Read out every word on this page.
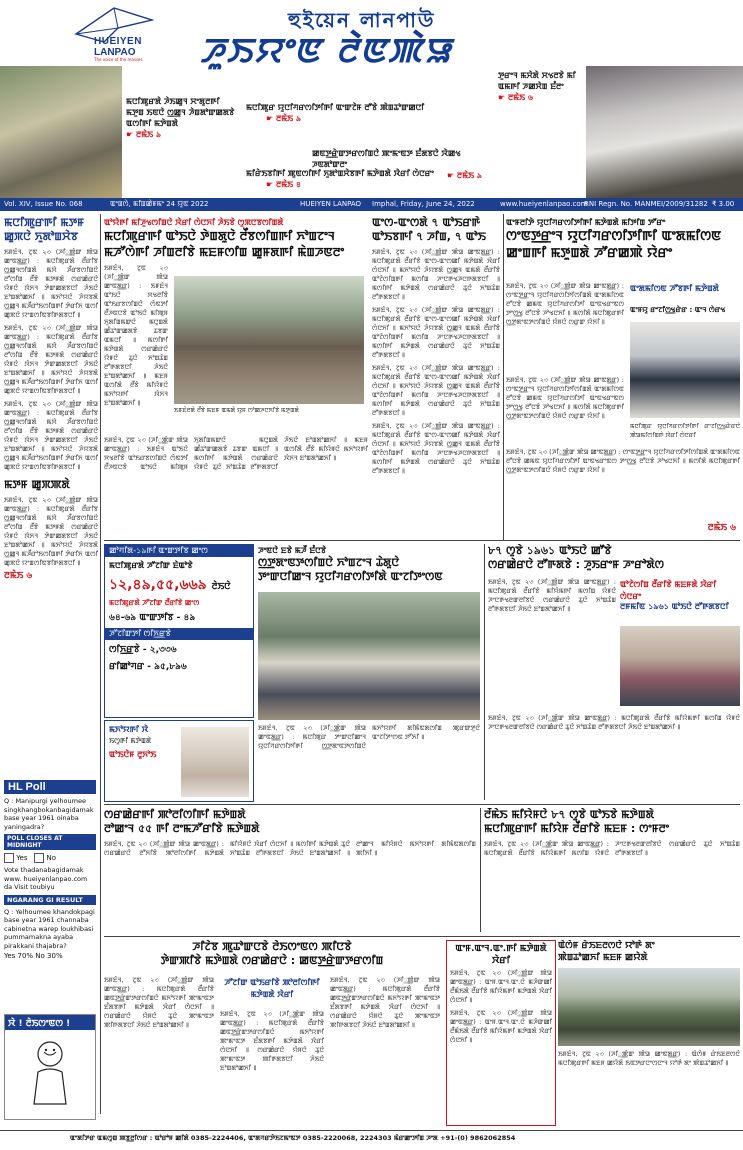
HUEIYEN
LANPAO
The voice of the masses
হুইয়েন লানপাউ
ꯍꯨꯏꯌꯦꯟ ꯂꯥꯟꯄꯥꯎ
ꯃꯅꯤꯄꯨꯔꯗꯥ ꯍꯥꯏꯀꯨꯜ ꯆꯦꯗꯨꯂꯒꯤ ꯃꯇꯨꯡ ꯏꯟꯅꯥ ꯁ꯭ꯀꯨꯜ ꯍꯥꯡꯗꯣꯛꯀꯗꯕꯥ ꯑꯁꯤꯒꯤ ꯃꯇꯥꯡꯗꯥ
☛ ꯂꯃꯥꯏ ৯
ꯃꯅꯤꯄꯨꯔ ꯌꯨꯅꯤꯚꯔꯁꯤꯇꯤꯒꯤ ꯑꯦꯛꯖꯥꯝ ꯂꯧꯕꯥ ꯄꯥꯡꯊꯣꯛꯀꯅꯤ
☛ ꯂꯃꯥꯏ ৯
ꯀꯟꯇ꯭ꯔꯥꯛꯇꯔꯁꯤꯡꯅꯥ ꯄꯦꯃꯦꯟꯇ ꯐꯪꯗꯕꯅꯥ ꯋꯥꯀꯠ ꯍꯟꯗꯣꯛꯂꯦ
☛ ꯂꯃꯥꯏ ৯
ꯃꯤꯔꯥꯏꯕꯤꯒꯤ ꯄꯨꯟꯁꯤꯒꯤ ꯈꯨꯗꯣꯡꯆꯥꯕꯒꯤ ꯃꯇꯥꯡꯗꯥ ꯋꯥꯔꯤ ꯁꯥꯅꯔꯦ
☛ ꯂꯃꯥꯏ ৪
ꯇꯨꯔꯦꯜ ꯃꯆꯥꯗꯥ ꯆꯠꯂꯕꯥ ꯃꯤ ꯑꯃꯒꯤ ꯍꯀꯆꯥꯡ ꯐꯪꯂꯦ
☛ ꯂꯃꯥꯏ ৬
Vol. XIV, Issue No. 068	ꯑꯦꯡꯁꯥ, ꯃꯤꯡꯀꯥꯝꯃꯦ 24 ꯌꯨꯟ 2022	HUEIYEN LANPAO Imphal, Friday, June 24, 2022	www.hueiyenlanpao.com
RNI Regn. No. MANMEI/2009/31282 ₹ 3.00
ꯃꯅꯤꯄꯨꯔꯒꯤ ꯃꯇꯝ ꯀꯨꯞꯅꯥ ꯈꯨꯗꯣꯡꯆꯥꯕ
ꯏꯝꯐꯥꯜ, ꯖꯨꯟ ২৩ (ꯍꯤ꯭ꯄꯥꯛ ꯄꯥꯎ ꯀꯦꯟꯗ꯭ꯔ) : ꯃꯅꯤꯄꯨꯔꯗꯥ ꯂꯩꯔꯤꯕ ꯁ꯭ꯀꯨꯜꯁꯤꯡꯗꯥ ꯃꯆꯥ ꯍꯩꯔꯕꯁꯤꯡꯅꯥ ꯂꯧꯁꯤꯡ ꯂꯩꯕꯥ ꯃꯇꯝꯗꯥ ꯁꯔꯀꯥꯔꯅꯥ ꯌꯥꯝꯅꯥ ꯋꯥꯈꯜ ꯇꯥꯛꯀꯗꯕꯅꯤ ꯍꯥꯏꯅꯥ ꯐꯣꯡꯗꯣꯀꯈꯤ ꯫ ꯃꯈꯣꯌꯅꯥ ꯍꯥꯌꯕꯗꯥ ꯁ꯭ꯀꯨꯜ ꯃꯍꯩꯔꯣꯏꯁꯤꯡꯒꯤ ꯇꯥꯔꯤꯈ ꯑꯁꯤ ꯀꯨꯞꯅꯥ ꯌꯦꯡꯁꯤꯟꯕꯤꯒꯗꯕꯅꯤ ꯫
ꯏꯝꯐꯥꯜ, ꯖꯨꯟ ২৩ (ꯍꯤ꯭ꯄꯥꯛ ꯄꯥꯎ ꯀꯦꯟꯗ꯭ꯔ) : ꯃꯅꯤꯄꯨꯔꯗꯥ ꯂꯩꯔꯤꯕ ꯁ꯭ꯀꯨꯜꯁꯤꯡꯗꯥ ꯃꯆꯥ ꯍꯩꯔꯕꯁꯤꯡꯅꯥ ꯂꯧꯁꯤꯡ ꯂꯩꯕꯥ ꯃꯇꯝꯗꯥ ꯁꯔꯀꯥꯔꯅꯥ ꯌꯥꯝꯅꯥ ꯋꯥꯈꯜ ꯇꯥꯛꯀꯗꯕꯅꯤ ꯍꯥꯏꯅꯥ ꯐꯣꯡꯗꯣꯀꯈꯤ ꯫ ꯃꯈꯣꯌꯅꯥ ꯍꯥꯌꯕꯗꯥ ꯁ꯭ꯀꯨꯜ ꯃꯍꯩꯔꯣꯏꯁꯤꯡꯒꯤ ꯇꯥꯔꯤꯈ ꯑꯁꯤ ꯀꯨꯞꯅꯥ ꯌꯦꯡꯁꯤꯟꯕꯤꯒꯗꯕꯅꯤ ꯫
ꯏꯝꯐꯥꯜ, ꯖꯨꯟ ২৩ (ꯍꯤ꯭ꯄꯥꯛ ꯄꯥꯎ ꯀꯦꯟꯗ꯭ꯔ) : ꯃꯅꯤꯄꯨꯔꯗꯥ ꯂꯩꯔꯤꯕ ꯁ꯭ꯀꯨꯜꯁꯤꯡꯗꯥ ꯃꯆꯥ ꯍꯩꯔꯕꯁꯤꯡꯅꯥ ꯂꯧꯁꯤꯡ ꯂꯩꯕꯥ ꯃꯇꯝꯗꯥ ꯁꯔꯀꯥꯔꯅꯥ ꯌꯥꯝꯅꯥ ꯋꯥꯈꯜ ꯇꯥꯛꯀꯗꯕꯅꯤ ꯍꯥꯏꯅꯥ ꯐꯣꯡꯗꯣꯀꯈꯤ ꯫ ꯃꯈꯣꯌꯅꯥ ꯍꯥꯌꯕꯗꯥ ꯁ꯭ꯀꯨꯜ ꯃꯍꯩꯔꯣꯏꯁꯤꯡꯒꯤ ꯇꯥꯔꯤꯈ ꯑꯁꯤ ꯀꯨꯞꯅꯥ ꯌꯦꯡꯁꯤꯟꯕꯤꯒꯗꯕꯅꯤ ꯫
ꯃꯇꯝ ꯀꯨꯞꯄꯗꯥ
ꯏꯝꯐꯥꯜ, ꯖꯨꯟ ২৩ (ꯍꯤ꯭ꯄꯥꯛ ꯄꯥꯎ ꯀꯦꯟꯗ꯭ꯔ) : ꯃꯅꯤꯄꯨꯔꯗꯥ ꯂꯩꯔꯤꯕ ꯁ꯭ꯀꯨꯜꯁꯤꯡꯗꯥ ꯃꯆꯥ ꯍꯩꯔꯕꯁꯤꯡꯅꯥ ꯂꯧꯁꯤꯡ ꯂꯩꯕꯥ ꯃꯇꯝꯗꯥ ꯁꯔꯀꯥꯔꯅꯥ ꯌꯥꯝꯅꯥ ꯋꯥꯈꯜ ꯇꯥꯛꯀꯗꯕꯅꯤ ꯍꯥꯏꯅꯥ ꯐꯣꯡꯗꯣꯀꯈꯤ ꯫ ꯃꯈꯣꯌꯅꯥ ꯍꯥꯌꯕꯗꯥ ꯁ꯭ꯀꯨꯜ ꯃꯍꯩꯔꯣꯏꯁꯤꯡꯒꯤ ꯇꯥꯔꯤꯈ ꯑꯁꯤ ꯀꯨꯞꯅꯥ ꯌꯦꯡꯁꯤꯟꯕꯤꯒꯗꯕꯅꯤ ꯫
ꯂꯃꯥꯏ ৬
ꯑꯣꯌꯥꯒꯤ ꯃꯤꯍꯨꯠꯁꯤꯡꯅꯥ ꯋꯥꯔꯤ ꯁꯥꯅꯈꯤ ꯍꯥꯏꯕꯥ ꯁꯨꯞꯅꯕꯁꯤꯡꯗꯥ
ꯃꯅꯤꯄꯨꯔꯒꯤ ꯑꯣꯏꯅꯥ ꯇꯥꯡꯗꯨꯅꯥ ꯂꯩꯕꯁꯤꯡꯒꯤ ꯈꯣꯡꯖꯦꯜ
ꯃꯍꯧꯁꯥꯒꯤ ꯍꯤꯡꯂꯤꯕꯥ ꯃꯐꯝꯁꯤꯡ ꯀꯨꯝꯗꯒꯤ ꯃꯥꯡꯍꯟꯂꯦ
ꯏꯝꯐꯥꯜ, ꯖꯨꯟ ২৩ (ꯍꯤ꯭ꯄꯥꯛ ꯄꯥꯎ ꯀꯦꯟꯗ꯭ꯔ) : ꯏꯝꯐꯥꯜ ꯑꯣꯏꯅꯥ ꯆꯠꯂꯤꯕꯥ ꯑꯣꯏꯔꯕꯁꯤꯡꯅꯥ ꯁꯥꯟꯇꯤ ꯂꯩꯍꯟꯅꯕꯥ ꯑꯣꯏꯅꯥ ꯃꯤꯄꯨꯝ ꯈꯨꯗꯤꯡꯃꯛꯅꯥ ꯃꯅꯨꯡꯗꯥ ꯀꯪꯊꯣꯛꯀꯗꯕꯥ ꯊꯕꯛ ꯑꯃꯅꯤ ꯫ ꯃꯁꯤꯒꯤ ꯃꯇꯥꯡꯗꯥ ꯁꯔꯀꯥꯔꯅꯥ ꯌꯥꯝꯅꯥ ꯊꯨꯅꯥ ꯈꯣꯡꯊꯥꯡ ꯂꯧꯒꯗꯕꯅꯤ ꯍꯥꯏꯅꯥ ꯐꯣꯡꯗꯣꯀꯈꯤ ꯫ ꯃꯐꯝ ꯑꯁꯤꯗꯥ ꯂꯩꯕꯥ ꯃꯤꯌꯥꯝꯅꯥ ꯃꯈꯣꯌꯒꯤ ꯋꯥꯈꯜ ꯐꯣꯡꯗꯣꯀꯈꯤ ꯫
ꯏꯝꯐꯥꯂꯗꯥ ꯂꯩꯕꯥ ꯃꯐꯝ ꯑꯃꯗꯥ ꯌꯨꯝ ꯁꯣꯀꯍꯅꯈꯤꯕꯥ ꯃꯇꯨꯡꯗꯥ
ꯏꯝꯐꯥꯜ, ꯖꯨꯟ ২৩ (ꯍꯤ꯭ꯄꯥꯛ ꯄꯥꯎ ꯀꯦꯟꯗ꯭ꯔ) : ꯏꯝꯐꯥꯜ ꯑꯣꯏꯅꯥ ꯆꯠꯂꯤꯕꯥ ꯑꯣꯏꯔꯕꯁꯤꯡꯅꯥ ꯁꯥꯟꯇꯤ ꯂꯩꯍꯟꯅꯕꯥ ꯑꯣꯏꯅꯥ ꯃꯤꯄꯨꯝ ꯈꯨꯗꯤꯡꯃꯛꯅꯥ ꯃꯅꯨꯡꯗꯥ ꯀꯪꯊꯣꯛꯀꯗꯕꯥ ꯊꯕꯛ ꯑꯃꯅꯤ ꯫ ꯃꯁꯤꯒꯤ ꯃꯇꯥꯡꯗꯥ ꯁꯔꯀꯥꯔꯅꯥ ꯌꯥꯝꯅꯥ ꯊꯨꯅꯥ ꯈꯣꯡꯊꯥꯡ ꯂꯧꯒꯗꯕꯅꯤ ꯍꯥꯏꯅꯥ ꯐꯣꯡꯗꯣꯀꯈꯤ ꯫ ꯃꯐꯝ ꯑꯁꯤꯗꯥ ꯂꯩꯕꯥ ꯃꯤꯌꯥꯝꯅꯥ ꯃꯈꯣꯌꯒꯤ ꯋꯥꯈꯜ ꯐꯣꯡꯗꯣꯀꯈꯤ ꯫
ꯑꯦꯁ-ꯑꯦꯁꯗꯥ ৭ ꯑꯣꯏꯔꯒꯥ ꯑꯣꯏꯕꯒꯤ ৭ ꯍꯤꯡ, ৭ ꯑꯣꯏ
ꯏꯝꯐꯥꯜ, ꯖꯨꯟ ২৩ (ꯍꯤ꯭ꯄꯥꯛ ꯄꯥꯎ ꯀꯦꯟꯗ꯭ꯔ) : ꯃꯅꯤꯄꯨꯔꯗꯥ ꯂꯩꯔꯤꯕꯥ ꯑꯦꯁ-ꯑꯦꯁꯀꯤ ꯃꯇꯥꯡꯗꯥ ꯋꯥꯔꯤ ꯁꯥꯅꯈꯤ ꯫ ꯃꯈꯣꯌꯅꯥ ꯍꯥꯌꯕꯗꯥ ꯁ꯭ꯀꯨꯜ ꯑꯃꯗꯥ ꯂꯩꯔꯤꯕꯥ ꯑꯣꯖꯥꯁꯤꯡꯒꯤ ꯃꯁꯤꯡ ꯍꯦꯅꯒꯠꯍꯅꯒꯗꯕꯅꯤ ꯫ ꯃꯁꯤꯒꯤ ꯃꯇꯥꯡꯗꯥ ꯁꯔꯀꯥꯔꯅꯥ ꯊꯨꯅꯥ ꯈꯣꯡꯊꯥꯡ ꯂꯧꯒꯗꯕꯅꯤ ꯫
ꯏꯝꯐꯥꯜ, ꯖꯨꯟ ২৩ (ꯍꯤ꯭ꯄꯥꯛ ꯄꯥꯎ ꯀꯦꯟꯗ꯭ꯔ) : ꯃꯅꯤꯄꯨꯔꯗꯥ ꯂꯩꯔꯤꯕꯥ ꯑꯦꯁ-ꯑꯦꯁꯀꯤ ꯃꯇꯥꯡꯗꯥ ꯋꯥꯔꯤ ꯁꯥꯅꯈꯤ ꯫ ꯃꯈꯣꯌꯅꯥ ꯍꯥꯌꯕꯗꯥ ꯁ꯭ꯀꯨꯜ ꯑꯃꯗꯥ ꯂꯩꯔꯤꯕꯥ ꯑꯣꯖꯥꯁꯤꯡꯒꯤ ꯃꯁꯤꯡ ꯍꯦꯅꯒꯠꯍꯅꯒꯗꯕꯅꯤ ꯫ ꯃꯁꯤꯒꯤ ꯃꯇꯥꯡꯗꯥ ꯁꯔꯀꯥꯔꯅꯥ ꯊꯨꯅꯥ ꯈꯣꯡꯊꯥꯡ ꯂꯧꯒꯗꯕꯅꯤ ꯫
ꯏꯝꯐꯥꯜ, ꯖꯨꯟ ২৩ (ꯍꯤ꯭ꯄꯥꯛ ꯄꯥꯎ ꯀꯦꯟꯗ꯭ꯔ) : ꯃꯅꯤꯄꯨꯔꯗꯥ ꯂꯩꯔꯤꯕꯥ ꯑꯦꯁ-ꯑꯦꯁꯀꯤ ꯃꯇꯥꯡꯗꯥ ꯋꯥꯔꯤ ꯁꯥꯅꯈꯤ ꯫ ꯃꯈꯣꯌꯅꯥ ꯍꯥꯌꯕꯗꯥ ꯁ꯭ꯀꯨꯜ ꯑꯃꯗꯥ ꯂꯩꯔꯤꯕꯥ ꯑꯣꯖꯥꯁꯤꯡꯒꯤ ꯃꯁꯤꯡ ꯍꯦꯅꯒꯠꯍꯅꯒꯗꯕꯅꯤ ꯫ ꯃꯁꯤꯒꯤ ꯃꯇꯥꯡꯗꯥ ꯁꯔꯀꯥꯔꯅꯥ ꯊꯨꯅꯥ ꯈꯣꯡꯊꯥꯡ ꯂꯧꯒꯗꯕꯅꯤ ꯫
ꯏꯝꯐꯥꯜ, ꯖꯨꯟ ২৩ (ꯍꯤ꯭ꯄꯥꯛ ꯄꯥꯎ ꯀꯦꯟꯗ꯭ꯔ) : ꯃꯅꯤꯄꯨꯔꯗꯥ ꯂꯩꯔꯤꯕꯥ ꯑꯦꯁ-ꯑꯦꯁꯀꯤ ꯃꯇꯥꯡꯗꯥ ꯋꯥꯔꯤ ꯁꯥꯅꯈꯤ ꯫ ꯃꯈꯣꯌꯅꯥ ꯍꯥꯌꯕꯗꯥ ꯁ꯭ꯀꯨꯜ ꯑꯃꯗꯥ ꯂꯩꯔꯤꯕꯥ ꯑꯣꯖꯥꯁꯤꯡꯒꯤ ꯃꯁꯤꯡ ꯍꯦꯅꯒꯠꯍꯅꯒꯗꯕꯅꯤ ꯫ ꯃꯁꯤꯒꯤ ꯃꯇꯥꯡꯗꯥ ꯁꯔꯀꯥꯔꯅꯥ ꯊꯨꯅꯥ ꯈꯣꯡꯊꯥꯡ ꯂꯧꯒꯗꯕꯅꯤ ꯫
ꯑꯦꯝꯂꯤꯇꯥ ꯌꯨꯅꯤꯚꯔꯁꯤꯇꯤꯒꯤ ꯃꯇꯥꯡꯗꯥ ꯃꯤꯇꯤꯡ ꯇꯧꯔꯦ
ꯁꯦꯟꯇ꯭ꯔꯦꯜ ꯌꯨꯅꯤꯚꯔꯁꯤꯇꯤꯒꯤ ꯑꯦꯗꯃꯤꯁꯟ
ꯀꯦꯡꯒꯤ ꯃꯇꯨꯡꯗꯥ ꯍꯧꯔꯀꯄꯥ ꯌꯥꯔꯦ
ꯏꯝꯐꯥꯜ, ꯖꯨꯟ ২৩ (ꯍꯤ꯭ꯄꯥꯛ ꯄꯥꯎ ꯀꯦꯟꯗ꯭ꯔ) : ꯁꯦꯟꯇ꯭ꯔꯦꯜ ꯌꯨꯅꯤꯚꯔꯁꯤꯇꯤꯁꯤꯡꯗꯥ ꯑꯦꯗꯃꯤꯁꯟ ꯂꯧꯅꯕꯥ ꯀꯃꯟ ꯌꯨꯅꯤꯚꯔꯁꯤꯇꯤ ꯑꯦꯟꯠꯔꯦꯟꯁ ꯇꯦꯁ꯭ꯠ ꯂꯧꯅꯕꯥ ꯍꯣꯠꯅꯈꯤ ꯫ ꯃꯁꯤꯗꯥ ꯃꯅꯤꯄꯨꯔꯒꯤ ꯁ꯭ꯇꯨꯗꯦꯟꯇꯁꯤꯡꯅꯥ ꯌꯥꯝꯅꯥ ꯁꯔꯨꯛ ꯌꯥꯈꯤ ꯫
ꯑꯦꯗꯃꯤꯁꯟ ꯍꯧꯕꯒꯤ ꯃꯇꯥꯡꯗꯥ
ꯑꯦꯝꯌꯨ ꯔꯦꯖꯤꯁ꯭ꯠꯔꯥꯔ : ꯑꯦꯜ ꯁꯥꯔꯠ
ꯏꯝꯐꯥꯜ, ꯖꯨꯟ ২৩ (ꯍꯤ꯭ꯄꯥꯛ ꯄꯥꯎ ꯀꯦꯟꯗ꯭ꯔ) : ꯁꯦꯟꯇ꯭ꯔꯦꯜ ꯌꯨꯅꯤꯚꯔꯁꯤꯇꯤꯁꯤꯡꯗꯥ ꯑꯦꯗꯃꯤꯁꯟ ꯂꯧꯅꯕꯥ ꯀꯃꯟ ꯌꯨꯅꯤꯚꯔꯁꯤꯇꯤ ꯑꯦꯟꯠꯔꯦꯟꯁ ꯇꯦꯁ꯭ꯠ ꯂꯧꯅꯕꯥ ꯍꯣꯠꯅꯈꯤ ꯫ ꯃꯁꯤꯗꯥ ꯃꯅꯤꯄꯨꯔꯒꯤ ꯁ꯭ꯇꯨꯗꯦꯟꯇꯁꯤꯡꯅꯥ ꯌꯥꯝꯅꯥ ꯁꯔꯨꯛ ꯌꯥꯈꯤ ꯫
ꯃꯅꯤꯄꯨꯔ ꯌꯨꯅꯤꯚꯔꯁꯤꯇꯤꯒꯤ ꯔꯦꯖꯤꯁ꯭ꯠꯔꯥꯔꯅꯥ ꯄꯥꯎꯃꯤꯁꯤꯡꯒꯥ ꯋꯥꯔꯤ ꯁꯥꯅꯔꯤ
ꯏꯝꯐꯥꯜ, ꯖꯨꯟ ২৩ (ꯍꯤ꯭ꯄꯥꯛ ꯄꯥꯎ ꯀꯦꯟꯗ꯭ꯔ) : ꯁꯦꯟꯇ꯭ꯔꯦꯜ ꯌꯨꯅꯤꯚꯔꯁꯤꯇꯤꯁꯤꯡꯗꯥ ꯑꯦꯗꯃꯤꯁꯟ ꯂꯧꯅꯕꯥ ꯀꯃꯟ ꯌꯨꯅꯤꯚꯔꯁꯤꯇꯤ ꯑꯦꯟꯠꯔꯦꯟꯁ ꯇꯦꯁ꯭ꯠ ꯂꯧꯅꯕꯥ ꯍꯣꯠꯅꯈꯤ ꯫ ꯃꯁꯤꯗꯥ ꯃꯅꯤꯄꯨꯔꯒꯤ ꯁ꯭ꯇꯨꯗꯦꯟꯇꯁꯤꯡꯅꯥ ꯌꯥꯝꯅꯥ ꯁꯔꯨꯛ ꯌꯥꯈꯤ ꯫
ꯂꯃꯥꯏ ৬
ꯀꯣꯚꯤꯗ-১৯ꯒꯤ ꯑꯦꯛꯇꯤꯕ ꯀꯦꯁ
ꯃꯅꯤꯄꯨꯔꯗꯥ ꯍꯧꯖꯤꯛ ꯐꯥꯑꯣꯕꯥ
১২,৪৯,৫৫,৬৬৯ ꯂꯥꯏꯅꯥ
ꯃꯅꯤꯄꯨꯔꯗꯥ ꯍꯧꯖꯤꯛ ꯂꯩꯔꯤꯕꯥ ꯀꯦꯁ
৬৪-৬৯ ꯑꯦꯛꯇꯤꯕ - ৪৯
ꯍꯧꯖꯤꯛꯇꯤ ꯁꯤꯈ꯭ꯔꯕꯥ
ꯁꯤꯈ꯭ꯔꯕꯥ - ২,৩৩৬
ꯔꯤꯀꯣꯚꯔ - ৯৫,৮৯৬
ꯃꯈꯣꯌꯒꯤ ꯋꯥ
ꯏꯁꯨꯒꯤ ꯃꯇꯥꯡꯗꯥ
ꯑꯣꯏꯅꯥꯝ ꯂꯨꯈꯣꯏ
ꯍꯦꯟꯅꯥ ꯐꯕꯥ ꯃꯍꯩ ꯐꯪꯅꯕꯥ
ꯁ꯭ꯇꯨꯗꯦꯟꯇꯁꯤꯡꯅꯥ ꯈꯣꯡꯖꯦꯜ ꯊꯥꯗꯨꯅꯥ
ꯇꯦꯛꯅꯤꯀꯦꯜ ꯌꯨꯅꯤꯚꯔꯁꯤꯇꯤꯗꯥ ꯑꯦꯖꯤꯇꯦꯁꯟ
ꯏꯝꯐꯥꯜ, ꯖꯨꯟ ২৩ (ꯍꯤ꯭ꯄꯥꯛ ꯄꯥꯎ ꯀꯦꯟꯗ꯭ꯔ) : ꯃꯅꯤꯄꯨꯔ ꯇꯦꯛꯅꯤꯀꯦꯜ ꯌꯨꯅꯤꯚꯔꯁꯤꯇꯤꯒꯤ ꯁ꯭ꯇꯨꯗꯦꯟꯇꯁꯤꯡꯅꯥ ꯃꯈꯣꯌꯒꯤ ꯗꯤꯃꯥꯟꯗꯁꯤꯡ ꯄꯨꯔꯛꯇꯨꯅꯥ ꯑꯦꯖꯤꯇꯦꯁꯟ ꯇꯧꯈꯤ ꯫
৮৭ ꯁꯨꯕꯥ ১৯৬১ ꯑꯣꯏꯅꯥ ꯀꯧꯕꯥ
ꯁꯔꯀꯥꯔꯅꯥ ꯂꯧꯒꯗꯕꯥ : ꯍꯨꯏꯔꯦꯝ ꯍꯦꯔꯣꯗꯥꯁ
ꯏꯝꯐꯥꯜ, ꯖꯨꯟ ২৩ (ꯍꯤ꯭ꯄꯥꯛ ꯄꯥꯎ ꯀꯦꯟꯗ꯭ꯔ) : ꯃꯅꯤꯄꯨꯔꯗꯥ ꯂꯩꯔꯤꯕꯥ ꯃꯤꯌꯥꯃꯒꯤ ꯃꯁꯤꯡ ꯌꯥꯝꯅꯥ ꯍꯦꯅꯒꯠꯂꯛꯂꯤꯕꯅꯥ ꯁꯔꯀꯥꯔꯅꯥ ꯊꯨꯅꯥ ꯈꯣꯡꯊꯥꯡ ꯂꯧꯒꯗꯕꯅꯤ ꯍꯥꯏꯅꯥ ꯐꯣꯡꯗꯣꯀꯈꯤ ꯫
ꯑꯣꯖꯥꯁꯤꯡ ꯂꯩꯔꯤꯕꯥ ꯃꯐꯝꯗꯥ ꯋꯥꯔꯤ ꯁꯥꯅꯔꯦ
ꯂꯝꯃꯤꯟ ১৯৬১ ꯑꯣꯏꯅꯥ ꯂꯧꯒꯗꯕꯅꯤ
ꯏꯝꯐꯥꯜ, ꯖꯨꯟ ২৩ (ꯍꯤ꯭ꯄꯥꯛ ꯄꯥꯎ ꯀꯦꯟꯗ꯭ꯔ) : ꯃꯅꯤꯄꯨꯔꯗꯥ ꯂꯩꯔꯤꯕꯥ ꯃꯤꯌꯥꯃꯒꯤ ꯃꯁꯤꯡ ꯌꯥꯝꯅꯥ ꯍꯦꯅꯒꯠꯂꯛꯂꯤꯕꯅꯥ ꯁꯔꯀꯥꯔꯅꯥ ꯊꯨꯅꯥ ꯈꯣꯡꯊꯥꯡ ꯂꯧꯒꯗꯕꯅꯤ ꯍꯥꯏꯅꯥ ꯐꯣꯡꯗꯣꯀꯈꯤ ꯫
ꯁꯔꯀꯥꯔꯒꯤ ꯄꯣꯂꯤꯁꯤꯒꯤ ꯃꯇꯥꯡꯗꯥ
ꯂꯣꯀꯦꯜ ৫৫ ꯒꯤ ꯂꯦꯃꯍꯧꯔꯤꯕꯥ ꯃꯇꯥꯡꯗꯥ
ꯏꯝꯐꯥꯜ, ꯖꯨꯟ ২৩ (ꯍꯤ꯭ꯄꯥꯛ ꯄꯥꯎ ꯀꯦꯟꯗ꯭ꯔ) : ꯁꯔꯀꯥꯔꯅꯥ ꯂꯧꯈꯤꯕꯥ ꯄꯣꯂꯤꯁꯤꯒꯤ ꯃꯇꯥꯡꯗꯥ ꯃꯤꯌꯥꯝꯅꯥ ꯋꯥꯔꯤ ꯁꯥꯅꯈꯤ ꯫ ꯃꯁꯤꯒꯤ ꯃꯇꯥꯡꯗꯥ ꯊꯨꯅꯥ ꯈꯣꯡꯊꯥꯡ ꯂꯧꯒꯗꯕꯅꯤ ꯍꯥꯏꯅꯥ ꯐꯣꯡꯗꯣꯀꯈꯤ ꯫ ꯂꯣꯀꯦꯜ ꯃꯤꯌꯥꯝꯅꯥ ꯃꯈꯣꯌꯒꯤ ꯗꯤꯃꯥꯟꯗꯁꯤꯡ ꯄꯤꯈꯤ ꯫
ꯂꯩꯃꯥꯏ ꯃꯤꯌꯥꯝꯅꯥ ৮৭ ꯁꯨꯕꯥ ꯑꯣꯏꯕꯥ ꯃꯇꯥꯡꯗꯥ
ꯃꯅꯤꯄꯨꯔꯒꯤ ꯃꯤꯌꯥꯝ ꯂꯩꯔꯤꯕꯥ ꯃꯐꯝ : ꯁꯦꯝꯂꯦ
ꯏꯝꯐꯥꯜ, ꯖꯨꯟ ২৩ (ꯍꯤ꯭ꯄꯥꯛ ꯄꯥꯎ ꯀꯦꯟꯗ꯭ꯔ) : ꯃꯅꯤꯄꯨꯔꯗꯥ ꯂꯩꯔꯤꯕꯥ ꯃꯤꯌꯥꯃꯒꯤ ꯃꯁꯤꯡ ꯌꯥꯝꯅꯥ ꯍꯦꯅꯒꯠꯂꯛꯂꯤꯕꯅꯥ ꯁꯔꯀꯥꯔꯅꯥ ꯊꯨꯅꯥ ꯈꯣꯡꯊꯥꯡ ꯂꯧꯒꯗꯕꯅꯤ ꯫
ꯍꯤꯖꯥꯕ ꯄꯨꯊꯣꯛꯅꯕꯥ ꯂꯥꯏꯁꯦꯟꯁ ꯄꯤꯅꯕꯥ
ꯇꯥꯛꯄꯤꯕꯥ ꯃꯇꯥꯡꯗꯥ ꯁꯔꯀꯥꯔꯅꯥ : ꯀꯟꯇ꯭ꯔꯥꯛꯇꯔꯁꯤꯡ
ꯏꯝꯐꯥꯜ, ꯖꯨꯟ ২৩ (ꯍꯤ꯭ꯄꯥꯛ ꯄꯥꯎ ꯀꯦꯟꯗ꯭ꯔ) : ꯃꯅꯤꯄꯨꯔꯗꯥ ꯂꯩꯔꯤꯕꯥ ꯀꯟꯇ꯭ꯔꯥꯛꯇꯔꯁꯤꯡꯅꯥ ꯃꯈꯣꯌꯒꯤ ꯄꯦꯃꯦꯟꯇ ꯐꯪꯗꯕꯒꯤ ꯃꯇꯥꯡꯗꯥ ꯋꯥꯔꯤ ꯁꯥꯅꯈꯤ ꯫ ꯁꯔꯀꯥꯔꯅꯥ ꯌꯥꯝꯅꯥ ꯊꯨꯅꯥ ꯄꯦꯃꯦꯟꯇ ꯄꯤꯒꯗꯕꯅꯤ ꯍꯥꯏꯅꯥ ꯐꯣꯡꯗꯣꯀꯈꯤ ꯫
ꯍꯧꯖꯤꯛ ꯑꯣꯏꯔꯤꯕꯥ ꯄꯣꯂꯤꯁꯤꯒꯤ ꯃꯇꯥꯡꯗꯥ ꯋꯥꯔꯤ
ꯏꯝꯐꯥꯜ, ꯖꯨꯟ ২৩ (ꯍꯤ꯭ꯄꯥꯛ ꯄꯥꯎ ꯀꯦꯟꯗ꯭ꯔ) : ꯃꯅꯤꯄꯨꯔꯗꯥ ꯂꯩꯔꯤꯕꯥ ꯀꯟꯇ꯭ꯔꯥꯛꯇꯔꯁꯤꯡꯅꯥ ꯃꯈꯣꯌꯒꯤ ꯄꯦꯃꯦꯟꯇ ꯐꯪꯗꯕꯒꯤ ꯃꯇꯥꯡꯗꯥ ꯋꯥꯔꯤ ꯁꯥꯅꯈꯤ ꯫ ꯁꯔꯀꯥꯔꯅꯥ ꯌꯥꯝꯅꯥ ꯊꯨꯅꯥ ꯄꯦꯃꯦꯟꯇ ꯄꯤꯒꯗꯕꯅꯤ ꯍꯥꯏꯅꯥ ꯐꯣꯡꯗꯣꯀꯈꯤ ꯫
ꯏꯝꯐꯥꯜ, ꯖꯨꯟ ২৩ (ꯍꯤ꯭ꯄꯥꯛ ꯄꯥꯎ ꯀꯦꯟꯗ꯭ꯔ) : ꯃꯅꯤꯄꯨꯔꯗꯥ ꯂꯩꯔꯤꯕꯥ ꯀꯟꯇ꯭ꯔꯥꯛꯇꯔꯁꯤꯡꯅꯥ ꯃꯈꯣꯌꯒꯤ ꯄꯦꯃꯦꯟꯇ ꯐꯪꯗꯕꯒꯤ ꯃꯇꯥꯡꯗꯥ ꯋꯥꯔꯤ ꯁꯥꯅꯈꯤ ꯫ ꯁꯔꯀꯥꯔꯅꯥ ꯌꯥꯝꯅꯥ ꯊꯨꯅꯥ ꯄꯦꯃꯦꯟꯇ ꯄꯤꯒꯗꯕꯅꯤ ꯍꯥꯏꯅꯥ ꯐꯣꯡꯗꯣꯀꯈꯤ ꯫
ꯑꯦꯝ.ꯑꯦꯜ.ꯑꯦ.ꯒꯤ ꯃꯇꯥꯡꯗꯥ ꯋꯥꯔꯤ
ꯏꯝꯐꯥꯜ, ꯖꯨꯟ ২৩ (ꯍꯤ꯭ꯄꯥꯛ ꯄꯥꯎ ꯀꯦꯟꯗ꯭ꯔ) : ꯑꯦꯝ.ꯑꯦꯜ.ꯑꯦ.ꯅꯥ ꯃꯍꯥꯛꯀꯤ ꯂꯩꯃꯥꯏꯗꯥ ꯂꯩꯔꯤꯕꯥ ꯃꯤꯌꯥꯃꯒꯤ ꯃꯇꯥꯡꯗꯥ ꯋꯥꯔꯤ ꯁꯥꯅꯈꯤ ꯫
ꯏꯝꯐꯥꯜ, ꯖꯨꯟ ২৩ (ꯍꯤ꯭ꯄꯥꯛ ꯄꯥꯎ ꯀꯦꯟꯗ꯭ꯔ) : ꯑꯦꯝ.ꯑꯦꯜ.ꯑꯦ.ꯅꯥ ꯃꯍꯥꯛꯀꯤ ꯂꯩꯃꯥꯏꯗꯥ ꯂꯩꯔꯤꯕꯥ ꯃꯤꯌꯥꯃꯒꯤ ꯃꯇꯥꯡꯗꯥ ꯋꯥꯔꯤ ꯁꯥꯅꯈꯤ ꯫
ꯑꯥꯁꯥꯝ ꯔꯥꯏꯐꯂꯁꯅꯥ ꯌꯣꯒꯥ ꯗꯦ
ꯄꯥꯡꯊꯣꯀꯈꯤ ꯃꯐꯝ ꯀꯌꯥꯗꯥ
ꯏꯝꯐꯥꯜ, ꯖꯨꯟ ২৩ (ꯍꯤ꯭ꯄꯥꯛ ꯄꯥꯎ ꯀꯦꯟꯗ꯭ꯔ) : ꯑꯥꯁꯥꯝ ꯔꯥꯏꯐꯂꯁꯅꯥ ꯃꯅꯤꯄꯨꯔꯒꯤ ꯃꯐꯝ ꯀꯌꯥꯗꯥ ꯏꯟꯇꯔꯅꯦꯁꯅꯦꯜ ꯌꯣꯒꯥ ꯗꯦ ꯄꯥꯡꯊꯣꯀꯈꯤ ꯫
HL Poll
Q : Manipurgi yelhoumee singkhangbokanbagidamak base year 1961 oinaba yaningadra?
POLL CLOSES AT MIDNIGHT
Yes	No
Vote thadanabagidamak www. hueiyenlanpao.com da Visit toubiyu
NGARANG GI RESULT
Q : Yelhoumee khandokpagi base year 1961 channaba cabinetna warep loukhibasi pummamakna ayaba pirakkani thajabra?
Yes 70% No 30%
ꯋꯥ ! ꯂꯥꯏꯁꯦꯟꯁ !
ꯑꯦꯗꯤꯇꯔ ꯑꯃꯁꯨꯡ ꯄꯕ꯭ꯂꯤꯁꯔ : ꯑꯣꯔꯣꯝ ꯀꯤꯗꯥ 0385-2224406, ꯑꯦꯗꯚꯔꯇꯥꯏꯖꯃꯦꯟꯇ 0385-2220068, 2224303 ꯃꯥꯔꯀꯦꯇꯤꯡ ꯍꯦꯗ +91-(0) 9862062854
